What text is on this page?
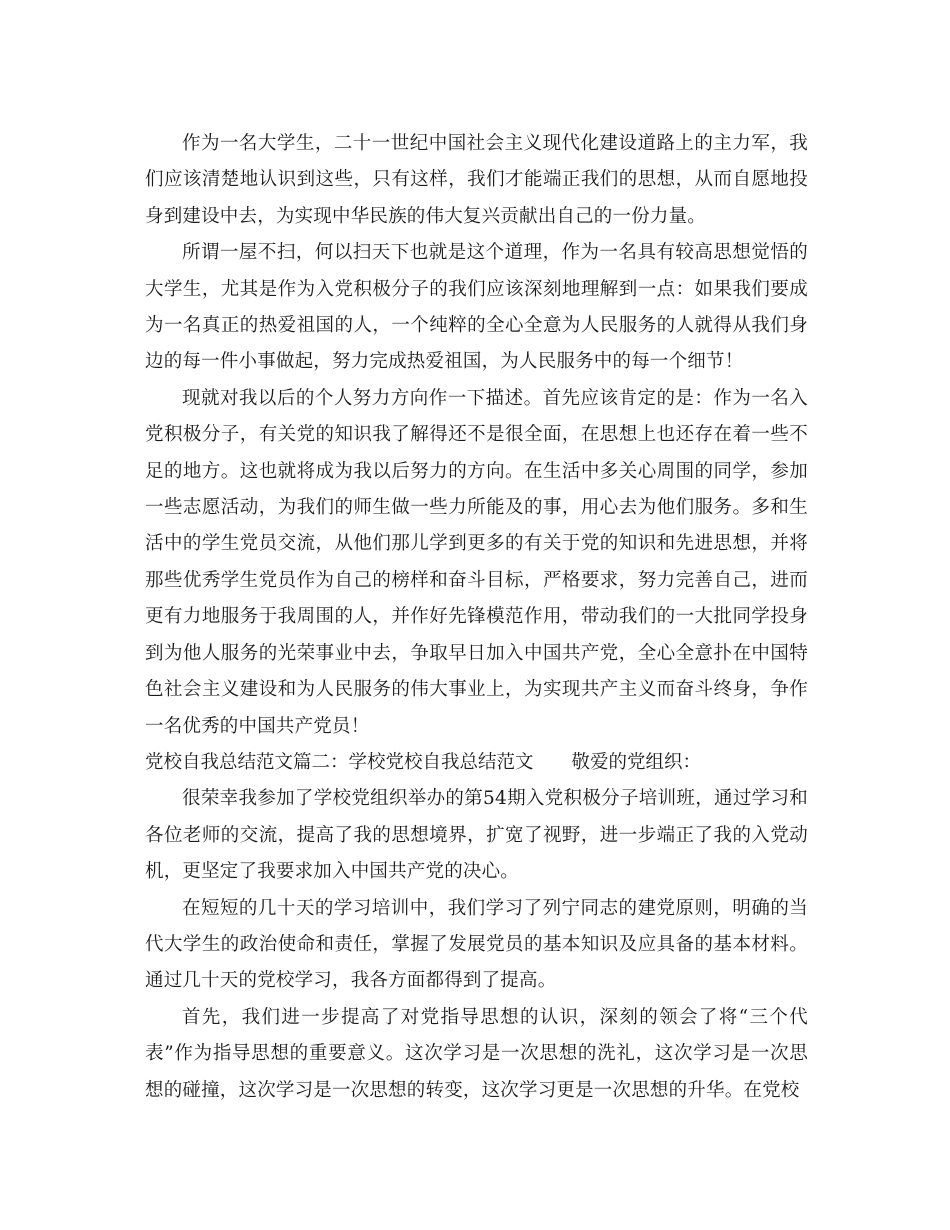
作为一名大学生，二十一世纪中国社会主义现代化建设道路上的主力军，我们应该清楚地认识到这些，只有这样，我们才能端正我们的思想，从而自愿地投身到建设中去，为实现中华民族的伟大复兴贡献出自己的一份力量。

所谓一屋不扫，何以扫天下也就是这个道理，作为一名具有较高思想觉悟的大学生，尤其是作为入党积极分子的我们应该深刻地理解到一点：如果我们要成为一名真正的热爱祖国的人，一个纯粹的全心全意为人民服务的人就得从我们身边的每一件小事做起，努力完成热爱祖国，为人民服务中的每一个细节！

现就对我以后的个人努力方向作一下描述。首先应该肯定的是：作为一名入党积极分子，有关党的知识我了解得还不是很全面，在思想上也还存在着一些不足的地方。这也就将成为我以后努力的方向。在生活中多关心周围的同学，参加一些志愿活动，为我们的师生做一些力所能及的事，用心去为他们服务。多和生活中的学生党员交流，从他们那儿学到更多的有关于党的知识和先进思想，并将那些优秀学生党员作为自己的榜样和奋斗目标，严格要求，努力完善自己，进而更有力地服务于我周围的人，并作好先锋模范作用，带动我们的一大批同学投身到为他人服务的光荣事业中去，争取早日加入中国共产党，全心全意扑在中国特色社会主义建设和为人民服务的伟大事业上，为实现共产主义而奋斗终身，争作一名优秀的中国共产党员！

党校自我总结范文篇二：学校党校自我总结范文 敬爱的党组织：

很荣幸我参加了学校党组织举办的第54期入党积极分子培训班，通过学习和各位老师的交流，提高了我的思想境界，扩宽了视野，进一步端正了我的入党动机，更坚定了我要求加入中国共产党的决心。

在短短的几十天的学习培训中，我们学习了列宁同志的建党原则，明确的当代大学生的政治使命和责任，掌握了发展党员的基本知识及应具备的基本材料。通过几十天的党校学习，我各方面都得到了提高。

首先，我们进一步提高了对党指导思想的认识，深刻的领会了将“三个代表”作为指导思想的重要意义。这次学习是一次思想的洗礼，这次学习是一次思想的碰撞，这次学习是一次思想的转变，这次学习更是一次思想的升华。在党校
